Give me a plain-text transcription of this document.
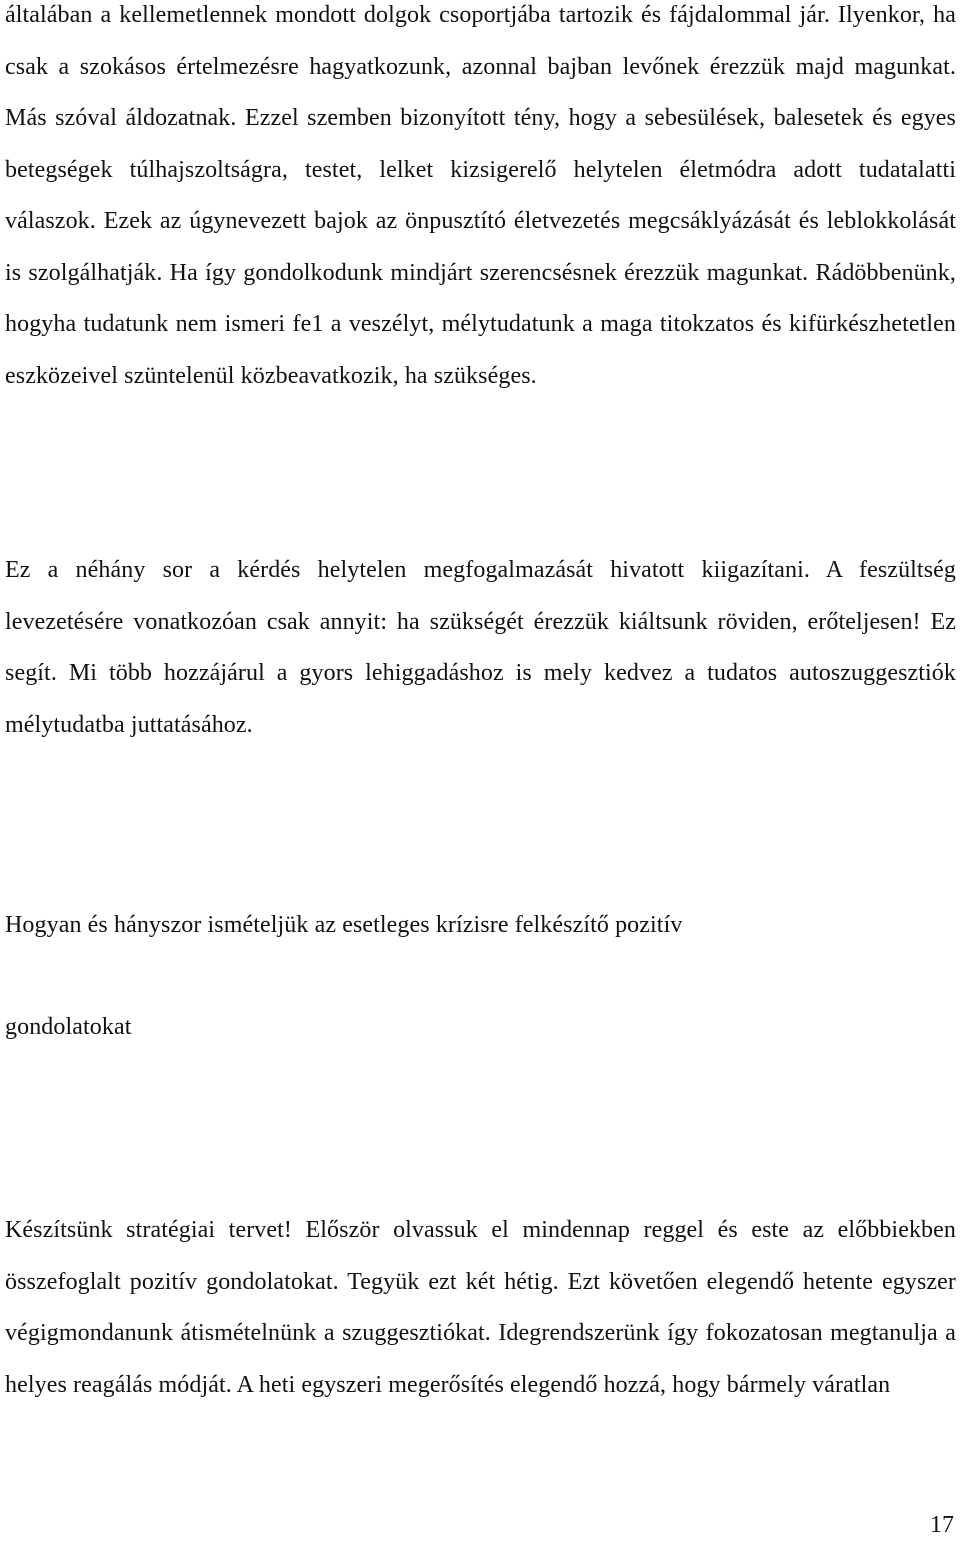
általában a kellemetlennek mondott dolgok csoportjába tartozik és fájdalommal jár. Ilyenkor, ha csak a szokásos értelmezésre hagyatkozunk, azonnal bajban levőnek érezzük majd magunkat. Más szóval áldozatnak. Ezzel szemben bizonyított tény, hogy a sebesülések, balesetek és egyes betegségek túlhajszoltságra, testet, lelket kizsigerelő helytelen életmódra adott tudatalatti válaszok. Ezek az úgynevezett bajok az önpusztító életvezetés megcsáklyázását és leblokkolását is szolgálhatják. Ha így gondolkodunk mindjárt szerencsésnek érezzük magunkat. Rádöbbenünk, hogyha tudatunk nem ismeri fe1 a veszélyt, mélytudatunk a maga titokzatos és kifürkészhetetlen eszközeivel szüntelenül közbeavatkozik, ha szükséges.

Ez a néhány sor a kérdés helytelen megfogalmazását hivatott kiigazítani. A feszültség levezetésére vonatkozóan csak annyit: ha szükségét érezzük kiáltsunk röviden, erőteljesen! Ez segít. Mi több hozzájárul a gyors lehiggadáshoz is mely kedvez a tudatos autoszuggesztiók mélytudatba juttatásához.

Hogyan és hányszor ismételjük az esetleges krízisre felkészítő pozitív

gondolatokat

Készítsünk stratégiai tervet! Először olvassuk el mindennap reggel és este az előbbiekben összefoglalt pozitív gondolatokat. Tegyük ezt két hétig. Ezt követően elegendő hetente egyszer végigmondanunk átismételnünk a szuggesztiókat. Idegrendszerünk így fokozatosan megtanulja a helyes reagálás módját. A heti egyszeri megerősítés elegendő hozzá, hogy bármely váratlan

17
